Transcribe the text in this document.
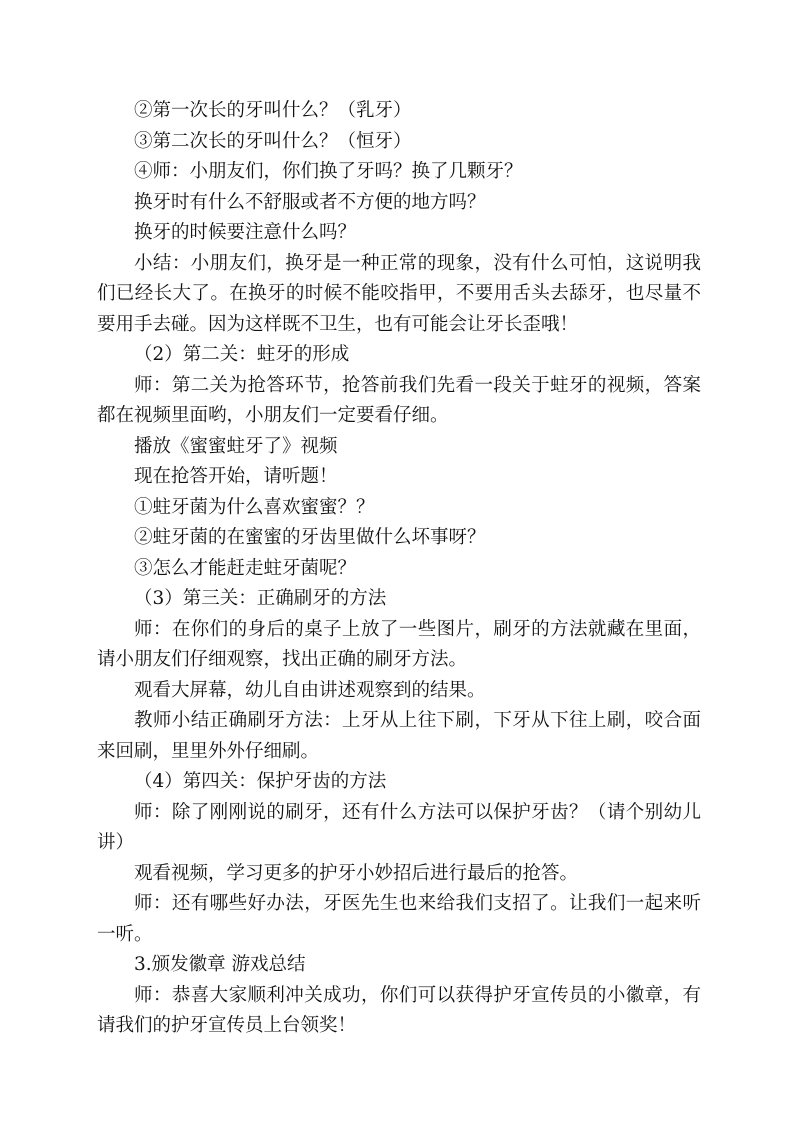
②第一次长的牙叫什么？（乳牙）

③第二次长的牙叫什么？（恒牙）

④师：小朋友们，你们换了牙吗？换了几颗牙？

换牙时有什么不舒服或者不方便的地方吗？

换牙的时候要注意什么吗？

小结：小朋友们，换牙是一种正常的现象，没有什么可怕，这说明我们已经长大了。在换牙的时候不能咬指甲，不要用舌头去舔牙，也尽量不要用手去碰。因为这样既不卫生，也有可能会让牙长歪哦！

（2）第二关：蛀牙的形成

师：第二关为抢答环节，抢答前我们先看一段关于蛀牙的视频，答案都在视频里面哟，小朋友们一定要看仔细。

播放《蜜蜜蛀牙了》视频

现在抢答开始，请听题！

①蛀牙菌为什么喜欢蜜蜜？？

②蛀牙菌的在蜜蜜的牙齿里做什么坏事呀？

③怎么才能赶走蛀牙菌呢？

（3）第三关：正确刷牙的方法

师：在你们的身后的桌子上放了一些图片，刷牙的方法就藏在里面，请小朋友们仔细观察，找出正确的刷牙方法。

观看大屏幕，幼儿自由讲述观察到的结果。

教师小结正确刷牙方法：上牙从上往下刷，下牙从下往上刷，咬合面来回刷，里里外外仔细刷。

（4）第四关：保护牙齿的方法

师：除了刚刚说的刷牙，还有什么方法可以保护牙齿？（请个别幼儿讲）

观看视频，学习更多的护牙小妙招后进行最后的抢答。

师：还有哪些好办法，牙医先生也来给我们支招了。让我们一起来听一听。

3.颁发徽章 游戏总结

师：恭喜大家顺利冲关成功，你们可以获得护牙宣传员的小徽章，有请我们的护牙宣传员上台领奖！
